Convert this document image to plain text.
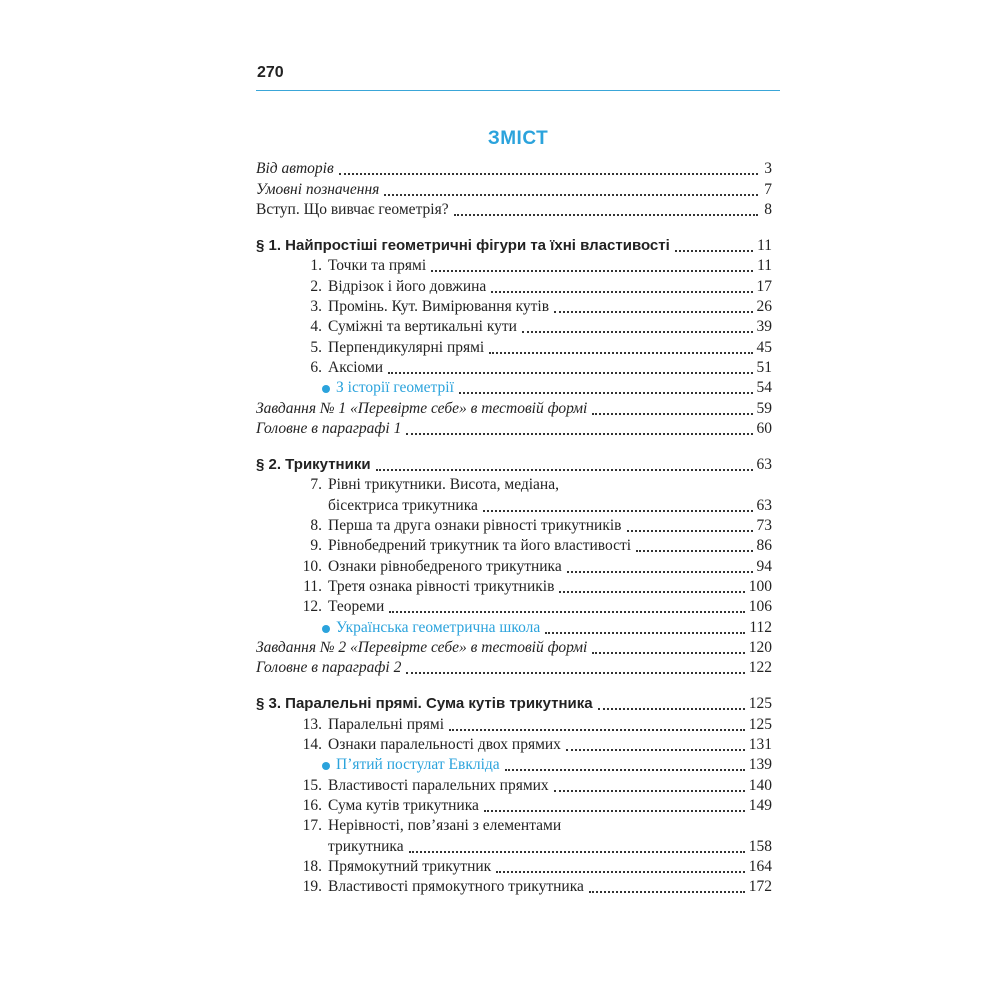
270
ЗМІСТ
Від авторів	3
Умовні позначення	7
Вступ. Що вивчає геометрія?	8
§ 1. Найпростіші геометричні фігури та їхні властивості	11
1. Точки та прямі	11
2. Відрізок і його довжина	17
3. Промінь. Кут. Вимірювання кутів	26
4. Суміжні та вертикальні кути	39
5. Перпендикулярні прямі	45
6. Аксіоми	51
З історії геометрії	54
Завдання № 1 «Перевірте себе» в тестовій формі	59
Головне в параграфі 1	60
§ 2. Трикутники	63
7. Рівні трикутники. Висота, медіана,
бісектриса трикутника	63
8. Перша та друга ознаки рівності трикутників	73
9. Рівнобедрений трикутник та його властивості	86
10. Ознаки рівнобедреного трикутника	94
11. Третя ознака рівності трикутників	100
12. Теореми	106
Українська геометрична школа	112
Завдання № 2 «Перевірте себе» в тестовій формі	120
Головне в параграфі 2	122
§ 3. Паралельні прямі. Сума кутів трикутника	125
13. Паралельні прямі	125
14. Ознаки паралельності двох прямих	131
П’ятий постулат Евкліда	139
15. Властивості паралельних прямих	140
16. Сума кутів трикутника	149
17. Нерівності, пов’язані з елементами
трикутника	158
18. Прямокутний трикутник	164
19. Властивості прямокутного трикутника	172
